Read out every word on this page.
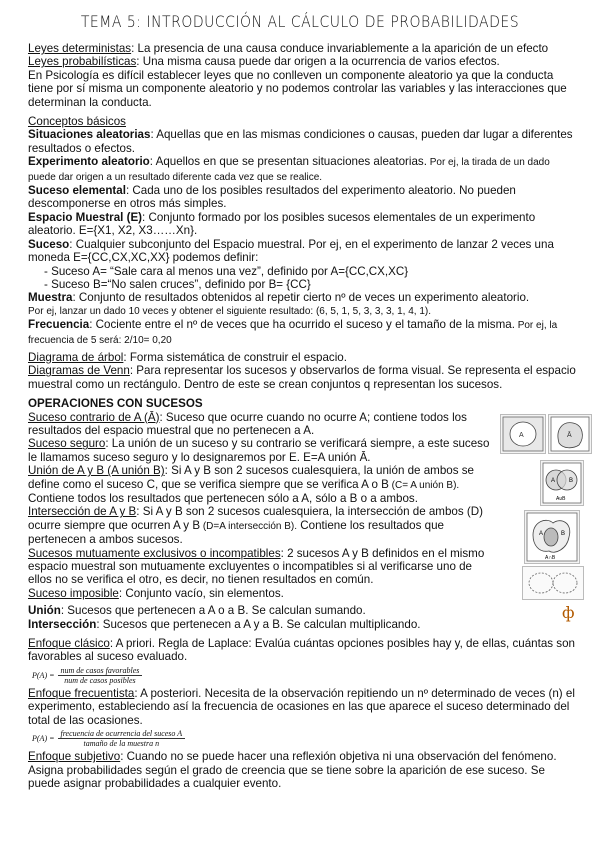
TEMA 5: INTRODUCCIÓN AL CÁLCULO DE PROBABILIDADES

Leyes deterministas: La presencia de una causa conduce invariablemente a la aparición de un efecto

Leyes probabilísticas: Una misma causa puede dar origen a la ocurrencia de varios efectos.

En Psicología es difícil establecer leyes que no conlleven un componente aleatorio ya que la conducta tiene por sí misma un componente aleatorio y no podemos controlar las variables y las interacciones que determinan la conducta.

Conceptos básicos

Situaciones aleatorias: Aquellas que en las mismas condiciones o causas, pueden dar lugar a diferentes resultados o efectos.

Experimento aleatorio: Aquellos en que se presentan situaciones aleatorias. Por ej, la tirada de un dado puede dar origen a un resultado diferente cada vez que se realice.

Suceso elemental: Cada uno de los posibles resultados del experimento aleatorio. No pueden descomponerse en otros más simples.

Espacio Muestral (E): Conjunto formado por los posibles sucesos elementales de un experimento aleatorio. E={X1, X2, X3……Xn}.

Suceso: Cualquier subconjunto del Espacio muestral. Por ej, en el experimento de lanzar 2 veces una moneda E={CC,CX,XC,XX} podemos definir:

- Suceso A= “Sale cara al menos una vez”, definido por A={CC,CX,XC}

- Suceso B=“No salen cruces”, definido por B= {CC}

Muestra: Conjunto de resultados obtenidos al repetir cierto nº de veces un experimento aleatorio.

Por ej, lanzar un dado 10 veces y obtener el siguiente resultado: (6, 5, 1, 5, 3, 3, 3, 1, 4, 1).

Frecuencia: Cociente entre el nº de veces que ha ocurrido el suceso y el tamaño de la misma. Por ej, la frecuencia de 5 será: 2/10= 0,20

Diagrama de árbol: Forma sistemática de construir el espacio.

Diagramas de Venn: Para representar los sucesos y observarlos de forma visual. Se representa el espacio muestral como un rectángulo. Dentro de este se crean conjuntos q representan los sucesos.

OPERACIONES CON SUCESOS

Suceso contrario de A (Ā): Suceso que ocurre cuando no ocurre A; contiene todos los resultados del espacio muestral que no pertenecen a A.

Suceso seguro: La unión de un suceso y su contrario se verificará siempre, a este suceso le llamamos suceso seguro y lo designaremos por E. E=A unión Ā.

Unión de A y B (A unión B): Si A y B son 2 sucesos cualesquiera, la unión de ambos se define como el suceso C, que se verifica siempre que se verifica A o B (C= A unión B). Contiene todos los resultados que pertenecen sólo a A, sólo a B o a ambos.

Intersección de A y B: Si A y B son 2 sucesos cualesquiera, la intersección de ambos (D) ocurre siempre que ocurren A y B (D=A intersección B). Contiene los resultados que pertenecen a ambos sucesos.

Sucesos mutuamente exclusivos o incompatibles: 2 sucesos A y B definidos en el mismo espacio muestral son mutuamente excluyentes o incompatibles si al verificarse uno de ellos no se verifica el otro, es decir, no tienen resultados en común.

Suceso imposible: Conjunto vacío, sin elementos.

Unión: Sucesos que pertenecen a A o a B. Se calculan sumando.

Intersección: Sucesos que pertenecen a A y a B. Se calculan multiplicando.

Enfoque clásico: A priori. Regla de Laplace: Evalúa cuántas opciones posibles hay y, de ellas, cuántas son favorables al suceso evaluado.

$P(A) = \frac{\text{num de casos favorables}}{\text{num de casos posibles}}$

Enfoque frecuentista: A posteriori. Necesita de la observación repitiendo un nº determinado de veces (n) el experimento, estableciendo así la frecuencia de ocasiones en las que aparece el suceso determinado del total de las ocasiones.

$P(A) = \frac{\text{frecuencia de ocurrencia del suceso A}}{\text{tamaño de la muestra n}}$

Enfoque subjetivo: Cuando no se puede hacer una reflexión objetiva ni una observación del fenómeno. Asigna probabilidades según el grado de creencia que se tiene sobre la aparición de ese suceso. Se puede asignar probabilidades a cualquier evento.

A	Ā
A B
AυB
A	B
A∩B
ф
